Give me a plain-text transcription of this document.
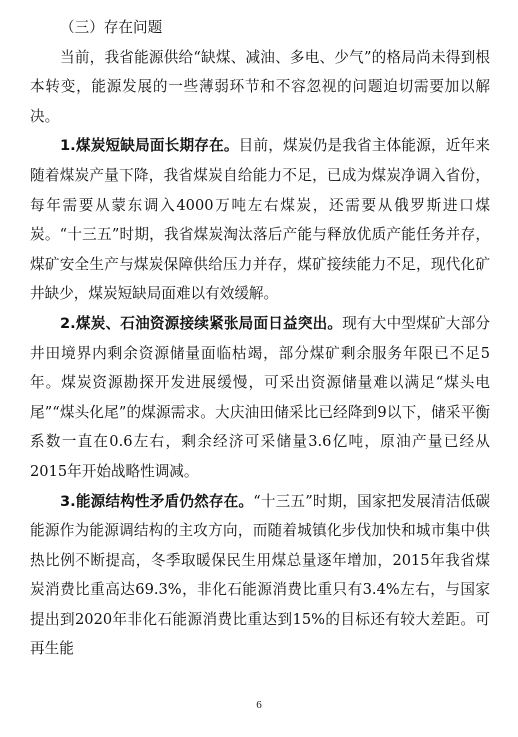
（三）存在问题

当前，我省能源供给“缺煤、减油、多电、少气”的格局尚未得到根本转变，能源发展的一些薄弱环节和不容忽视的问题迫切需要加以解决。

1.煤炭短缺局面长期存在。目前，煤炭仍是我省主体能源，近年来随着煤炭产量下降，我省煤炭自给能力不足，已成为煤炭净调入省份，每年需要从蒙东调入4000万吨左右煤炭，还需要从俄罗斯进口煤炭。“十三五”时期，我省煤炭淘汰落后产能与释放优质产能任务并存，煤矿安全生产与煤炭保障供给压力并存，煤矿接续能力不足，现代化矿井缺少，煤炭短缺局面难以有效缓解。

2.煤炭、石油资源接续紧张局面日益突出。现有大中型煤矿大部分井田境界内剩余资源储量面临枯竭，部分煤矿剩余服务年限已不足5年。煤炭资源勘探开发进展缓慢，可采出资源储量难以满足“煤头电尾”“煤头化尾”的煤源需求。大庆油田储采比已经降到9以下，储采平衡系数一直在0.6左右，剩余经济可采储量3.6亿吨，原油产量已经从2015年开始战略性调减。

3.能源结构性矛盾仍然存在。“十三五”时期，国家把发展清洁低碳能源作为能源调结构的主攻方向，而随着城镇化步伐加快和城市集中供热比例不断提高，冬季取暖保民生用煤总量逐年增加，2015年我省煤炭消费比重高达69.3%，非化石能源消费比重只有3.4%左右，与国家提出到2020年非化石能源消费比重达到15%的目标还有较大差距。可再生能

6
